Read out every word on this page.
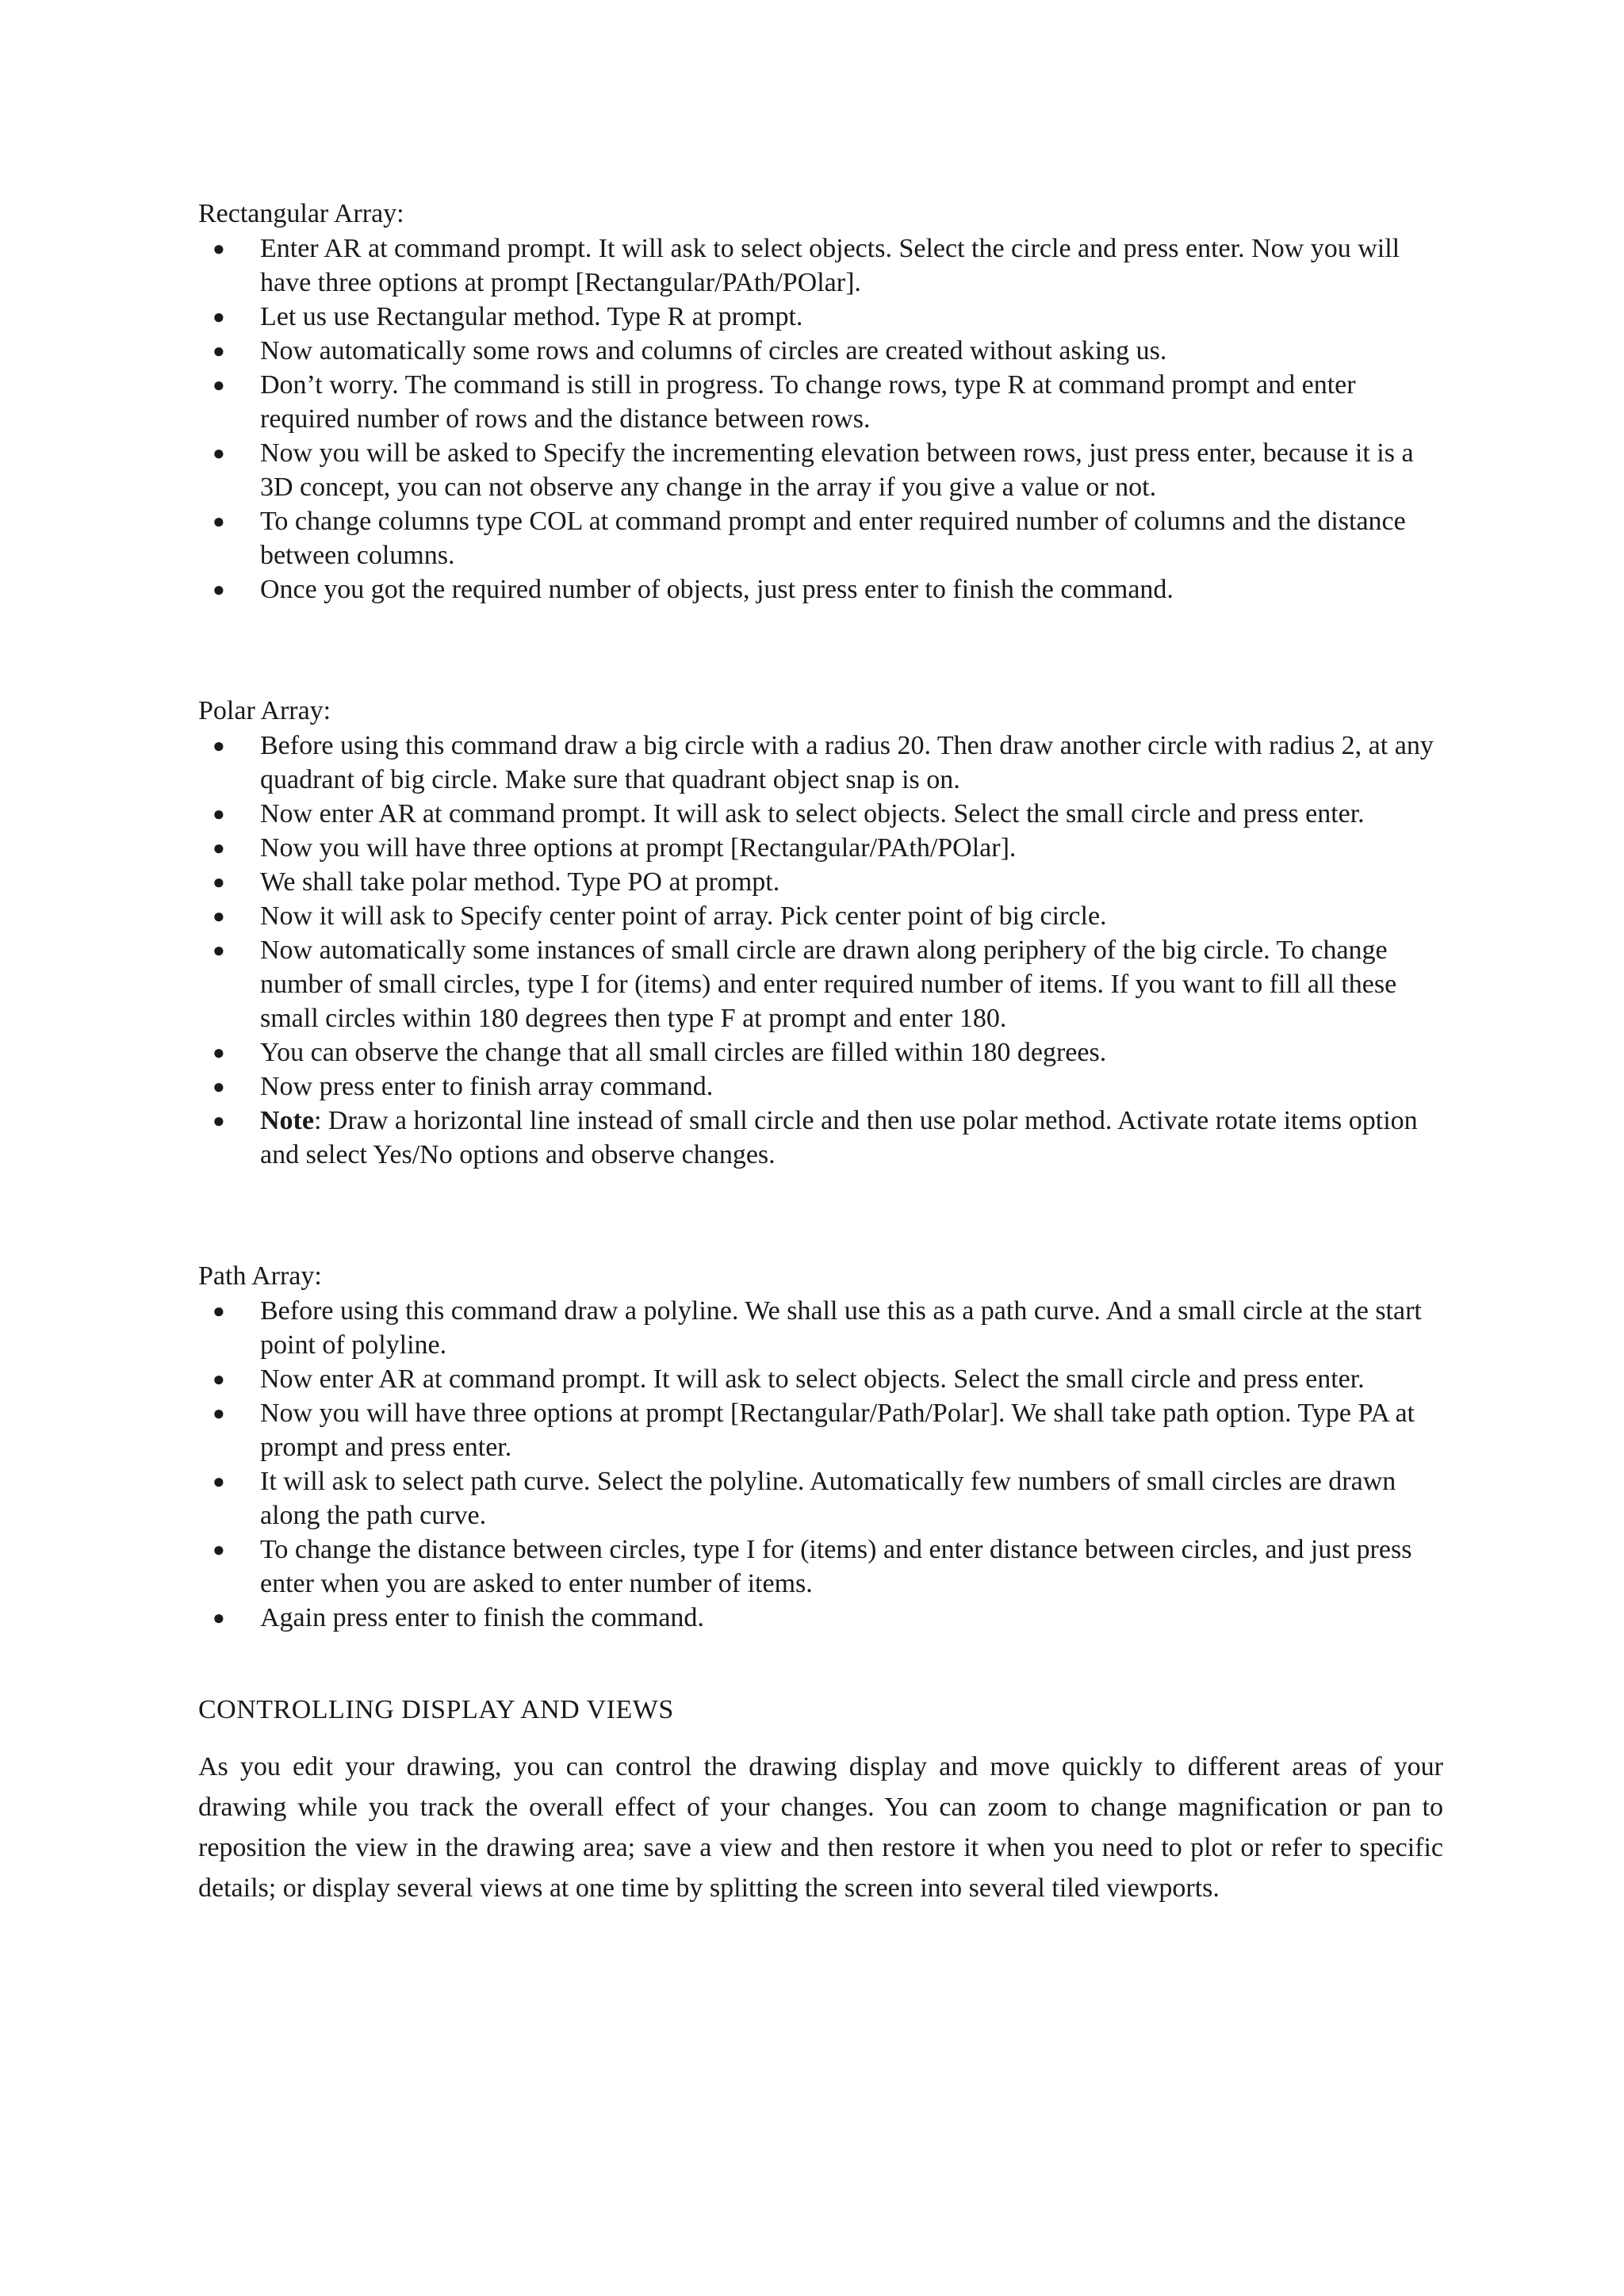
Rectangular Array:
● Enter AR at command prompt. It will ask to select objects. Select the circle and press enter. Now you will have three options at prompt [Rectangular/PAth/POlar].
● Let us use Rectangular method. Type R at prompt.
● Now automatically some rows and columns of circles are created without asking us.
● Don’t worry. The command is still in progress. To change rows, type R at command prompt and enter required number of rows and the distance between rows.
● Now you will be asked to Specify the incrementing elevation between rows, just press enter, because it is a 3D concept, you can not observe any change in the array if you give a value or not.
● To change columns type COL at command prompt and enter required number of columns and the distance between columns.
● Once you got the required number of objects, just press enter to finish the command.
Polar Array:
● Before using this command draw a big circle with a radius 20. Then draw another circle with radius 2, at any quadrant of big circle. Make sure that quadrant object snap is on.
● Now enter AR at command prompt. It will ask to select objects. Select the small circle and press enter.
● Now you will have three options at prompt [Rectangular/PAth/POlar].
● We shall take polar method. Type PO at prompt.
● Now it will ask to Specify center point of array. Pick center point of big circle.
● Now automatically some instances of small circle are drawn along periphery of the big circle. To change number of small circles, type I for (items) and enter required number of items. If you want to fill all these small circles within 180 degrees then type F at prompt and enter 180.
● You can observe the change that all small circles are filled within 180 degrees.
● Now press enter to finish array command.
● Note: Draw a horizontal line instead of small circle and then use polar method. Activate rotate items option and select Yes/No options and observe changes.
Path Array:
● Before using this command draw a polyline. We shall use this as a path curve. And a small circle at the start point of polyline.
● Now enter AR at command prompt. It will ask to select objects. Select the small circle and press enter.
● Now you will have three options at prompt [Rectangular/Path/Polar]. We shall take path option. Type PA at prompt and press enter.
● It will ask to select path curve. Select the polyline. Automatically few numbers of small circles are drawn along the path curve.
● To change the distance between circles, type I for (items) and enter distance between circles, and just press enter when you are asked to enter number of items.
● Again press enter to finish the command.
CONTROLLING DISPLAY AND VIEWS
As you edit your drawing, you can control the drawing display and move quickly to different areas of your drawing while you track the overall effect of your changes. You can zoom to change magnification or pan to reposition the view in the drawing area; save a view and then restore it when you need to plot or refer to specific details; or display several views at one time by splitting the screen into several tiled viewports.
